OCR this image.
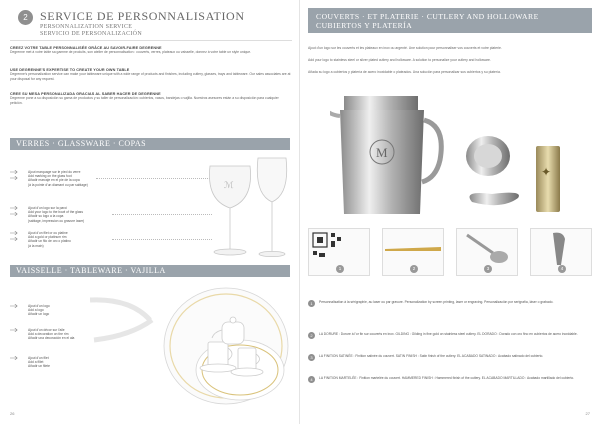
2	SERVICE DE PERSONNALISATION
PERSONNALIZATION SERVICE
SERVICIO DE PERSONALIZACIÓN
CREEZ VOTRE TABLE PERSONNALISÉE GRÂCE AU SAVOIR-FAIRE DEGRENNE
Degrenne met à votre table sa gamme de produits, son atelier de personnalisation : couverts, verres, plateaux ou vaisselle, donnez à votre table un style unique.
USE DEGRENNE'S EXPERTISE TO CREATE YOUR OWN TABLE
Degrenne's personalization service can make your tableware unique with a wide range of products and finishes, including cutlery, glasses, trays and tableware. Our sales associates are at your disposal for any request.
CREE SU MESA PERSONALIZADA GRACIAS AL SABER HACER DE DEGRENNE
Degrenne pone a su disposición su gama de productos y su taller de personalización: cubiertos, vasos, bandejas o vajilla. Nuestros asesores están a su disposición para cualquier petición.
VERRES · GLASSWARE · COPAS
Ajout marquage sur le pied du verre
Add marking on the glass foot
Añadir marcaje en el pie de la copa
(à la pointe d'un diamant ou par sablage)
Ajout d'un logo sur la paroi
Add your logo to the bowl of the glass
Añadir su logo a la copa
(sablage, impression ou gravure laser)
Ajout d'un filet or ou platine
Add a gold or platinum rim
Añadir un filo de oro o platino
(à la main)
ℳ
VAISSELLE · TABLEWARE · VAJILLA
Ajout d'un logo
Add a logo
Añadir un logo
Ajout d'un décor sur l'aile
Add a decoration on the rim
Añadir una decoración en el ala
Ajout d'un filet
Add a fillet
Añadir un filete
26
COUVERTS · ET PLATERIE · CUTLERY AND HOLLOWARE
CUBIERTOS Y PLATERÍA
Ajout d'un logo sur les couverts et les plateaux en inox ou argenté. Une solution pour personnaliser vos couverts et votre platerie.
Add your logo to stainless steel or silver plated cutlery and holloware. A solution to personalize your cutlery and holloware.
Añada su logo a cubiertos y platería de acero inoxidable o plateados. Una solución para personalizar sus cubiertos y su platería.
M
✦
1	2	3	4
1	Personnalisation à la sérigraphie, au laser ou par gravure. Personalization by screen printing, laser or engraving. Personalización por serigrafía, láser o grabado.
2	LA DORURE : Dorure à l'or fin sur couverts en inox. GILDING : Gilding in fine gold on stainless steel cutlery. EL DORADO : Dorado con oro fino en cubiertos de acero inoxidable.
3	LA FINITION SATINÉE : Finition satinée du couvert. SATIN FINISH : Satin finish of the cutlery. EL ACABADO SATINADO : Acabado satinado del cubierto.
4	LA FINITION MARTELÉE : Finition martelée du couvert. HAMMERED FINISH : Hammered finish of the cutlery. EL ACABADO MARTILLADO : Acabado martillado del cubierto.
27
